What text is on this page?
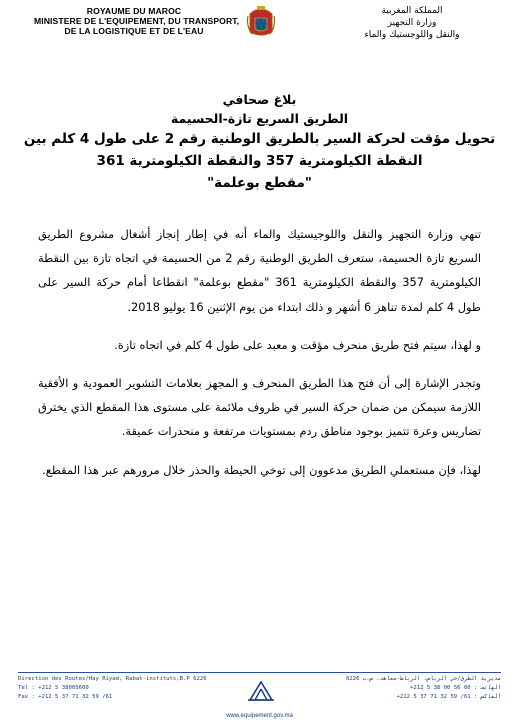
ROYAUME DU MAROC
MINISTERE DE L'EQUIPEMENT, DU TRANSPORT,
DE LA LOGISTIQUE ET DE L'EAU
المملكة المغربية
وزارة التجهيز
والنقل واللوجستيك والماء
بلاغ صحافي
الطريق السريع تازة-الحسيمة
تحويل مؤقت لحركة السير بالطريق الوطنية رقم 2 على طول 4 كلم بين
النقطة الكيلومترية 357 والنقطة الكيلومترية 361
"مقطع بوعلمة"

تنهي وزارة التجهيز والنقل واللوجيستيك والماء أنه في إطار إنجاز أشغال مشروع الطريق السريع تازة الحسيمة، ستعرف الطريق الوطنية رقم 2 من الحسيمة في اتجاه تازة بين النقطة الكيلومترية 357 والنقطة الكيلومترية 361 "مقطع بوعلمة" انقطاعا أمام حركة السير على طول 4 كلم لمدة تناهز 6 أشهر و ذلك ابتداء من يوم الإثنين 16 يوليو 2018.

و لهذا، سيتم فتح طريق منحرف مؤقت و معبد على طول 4 كلم في اتجاه تازة.

وتجدر الإشارة إلى أن فتح هذا الطريق المنحرف و المجهز بعلامات التشوير العمودية و الأفقية اللازمة سيمكن من ضمان حركة السير في ظروف ملائمة على مستوى هذا المقطع الذي يخترق تضاريس وعرة تتميز بوجود مناطق ردم بمستويات مرتفعة و منحدرات عميقة.

لهذا، فإن مستعملي الطريق مدعوون إلى توخي الحيطة والحذر خلال مرورهم عبر هذا المقطع.

Direction des Routes/Hay Riyad, Rabat-instituts,B.P 6226
Tel : +212 5 38005600
Fax : +212 5 37 71 32 59 /61
مديرية الطرق/حي الرياض، الرباط-معاهد، ص.ب 6226
الهاتف : 00 56 00 38 5 212+
الفاكس : 61/ 59 32 71 37 5 212+
www.equipement.gov.ma
